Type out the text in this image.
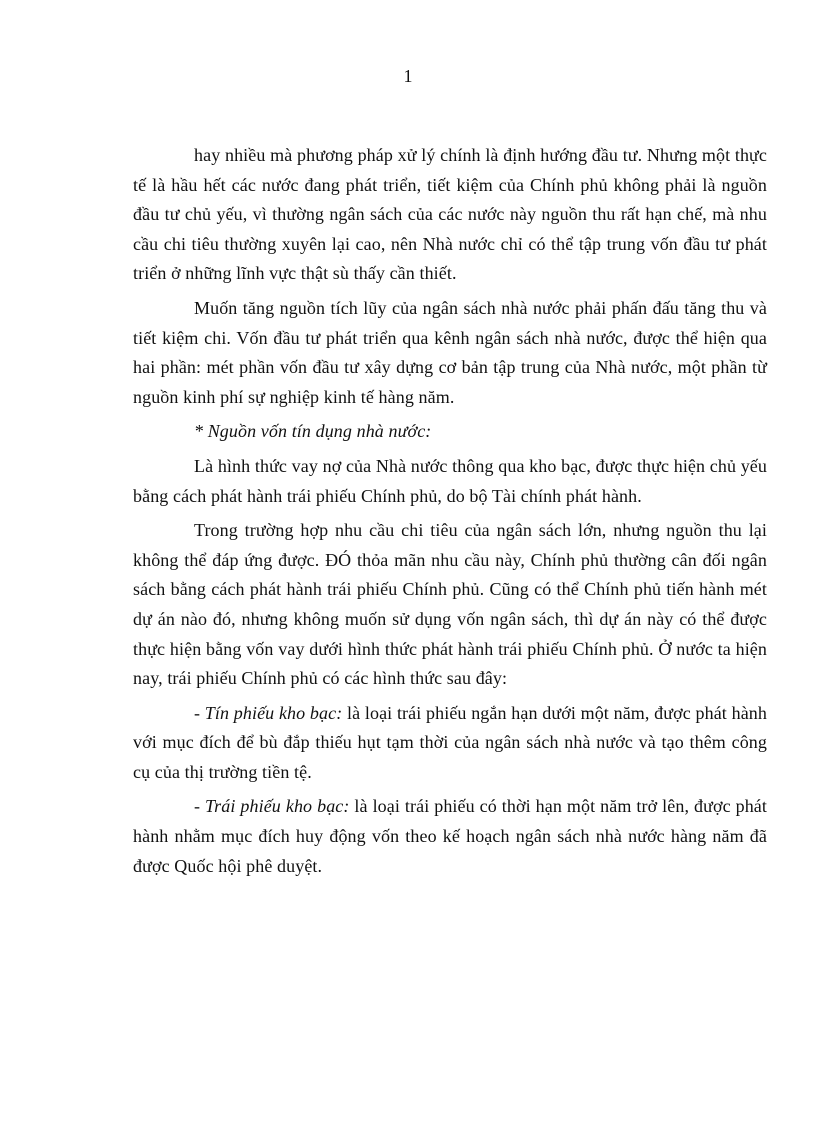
1

hay nhiều mà phương pháp xử lý chính là định hướng đầu tư. Nhưng một thực tế là hầu hết các nước đang phát triển, tiết kiệm của Chính phủ không phải là nguồn đầu tư chủ yếu, vì thường ngân sách của các nước này nguồn thu rất hạn chế, mà nhu cầu chi tiêu thường xuyên lại cao, nên Nhà nước chỉ có thể tập trung vốn đầu tư phát triển ở những lĩnh vực thật sù thấy cần thiết.

Muốn tăng nguồn tích lũy của ngân sách nhà nước phải phấn đấu tăng thu và tiết kiệm chi. Vốn đầu tư phát triển qua kênh ngân sách nhà nước, được thể hiện qua hai phần: mét phần vốn đầu tư xây dựng cơ bản tập trung của Nhà nước, một phần từ nguồn kinh phí sự nghiệp kinh tế hàng năm.

* Nguồn vốn tín dụng nhà nước:

Là hình thức vay nợ của Nhà nước thông qua kho bạc, được thực hiện chủ yếu bằng cách phát hành trái phiếu Chính phủ, do bộ Tài chính phát hành.

Trong trường hợp nhu cầu chi tiêu của ngân sách lớn, nhưng nguồn thu lại không thể đáp ứng được. ĐÓ thỏa mãn nhu cầu này, Chính phủ thường cân đối ngân sách bằng cách phát hành trái phiếu Chính phủ. Cũng có thể Chính phủ tiến hành mét dự án nào đó, nhưng không muốn sử dụng vốn ngân sách, thì dự án này có thể được thực hiện bằng vốn vay dưới hình thức phát hành trái phiếu Chính phủ. Ở nước ta hiện nay, trái phiếu Chính phủ có các hình thức sau đây:

- Tín phiếu kho bạc: là loại trái phiếu ngắn hạn dưới một năm, được phát hành với mục đích để bù đắp thiếu hụt tạm thời của ngân sách nhà nước và tạo thêm công cụ của thị trường tiền tệ.

- Trái phiếu kho bạc: là loại trái phiếu có thời hạn một năm trở lên, được phát hành nhằm mục đích huy động vốn theo kế hoạch ngân sách nhà nước hàng năm đã được Quốc hội phê duyệt.
